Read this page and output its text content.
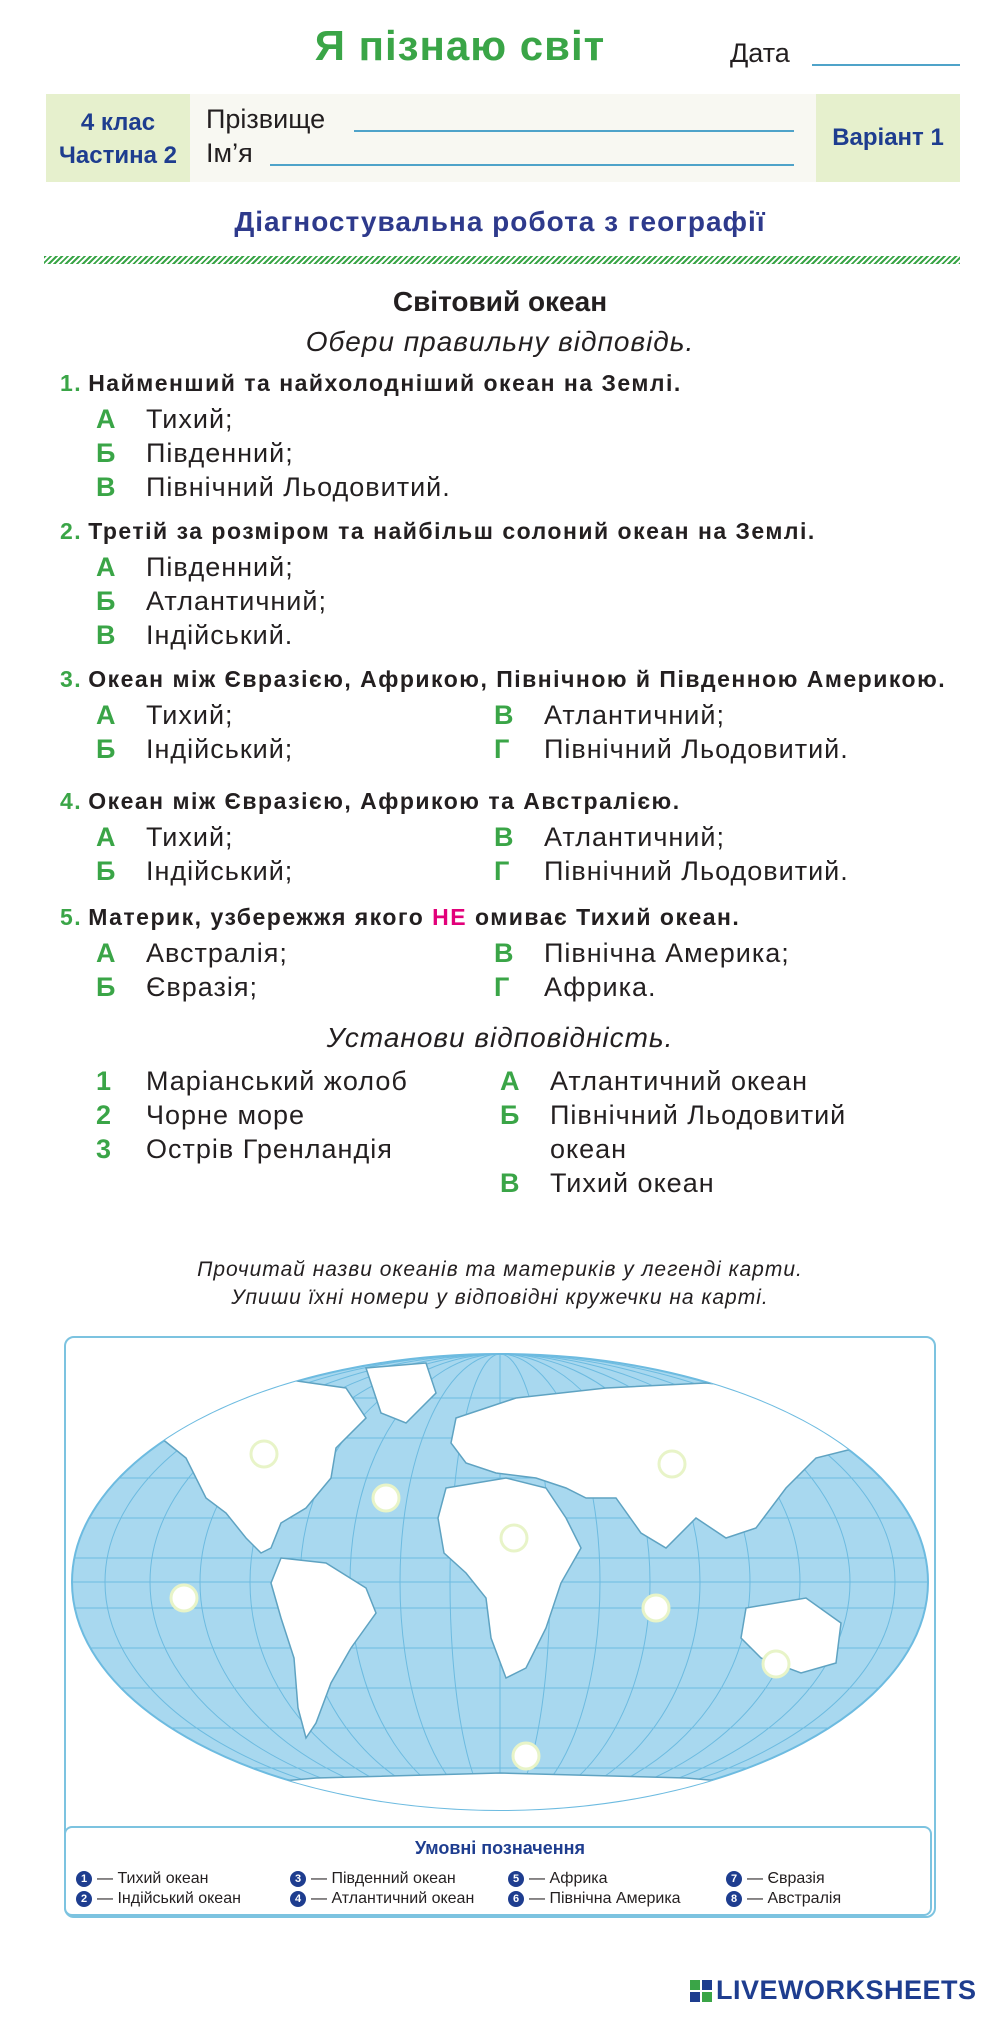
Я пізнаю світ	Дата
4 клас
Частина 2
Прізвище
Ім’я
Варіант 1
Діагностувальна робота з географії
Світовий океан
Обери правильну відповідь.
1. Найменший та найхолодніший океан на Землі.
А Тихий;
Б Південний;
В Північний Льодовитий.
2. Третій за розміром та найбільш солоний океан на Землі.
А Південний;
Б Атлантичний;
В Індійський.
3. Океан між Євразією, Африкою, Північною й Південною Америкою.
А Тихий;
Б Індійський;
В Атлантичний;
Г Північний Льодовитий.
4. Океан між Євразією, Африкою та Австралією.
А Тихий;
Б Індійський;
В Атлантичний;
Г Північний Льодовитий.
5. Материк, узбережжя якого НЕ омиває Тихий океан.
А Австралія;
Б Євразія;
В Північна Америка;
Г Африка.
Установи відповідність.
1 Маріанський жолоб
2 Чорне море
3 Острів Гренландія
А Атлантичний океан
Б Північний Льодовитий
океан
В Тихий океан
Прочитай назви океанів та материків у легенді карти.
Упиши їхні номери у відповідні кружечки на карті.
Умовні позначення
1 — Тихий океан
2 — Індійський океан
3 — Південний океан
4 — Атлантичний океан
5 — Африка
6 — Північна Америка
7 — Євразія
8 — Австралія
LIVEWORKSHEETS
